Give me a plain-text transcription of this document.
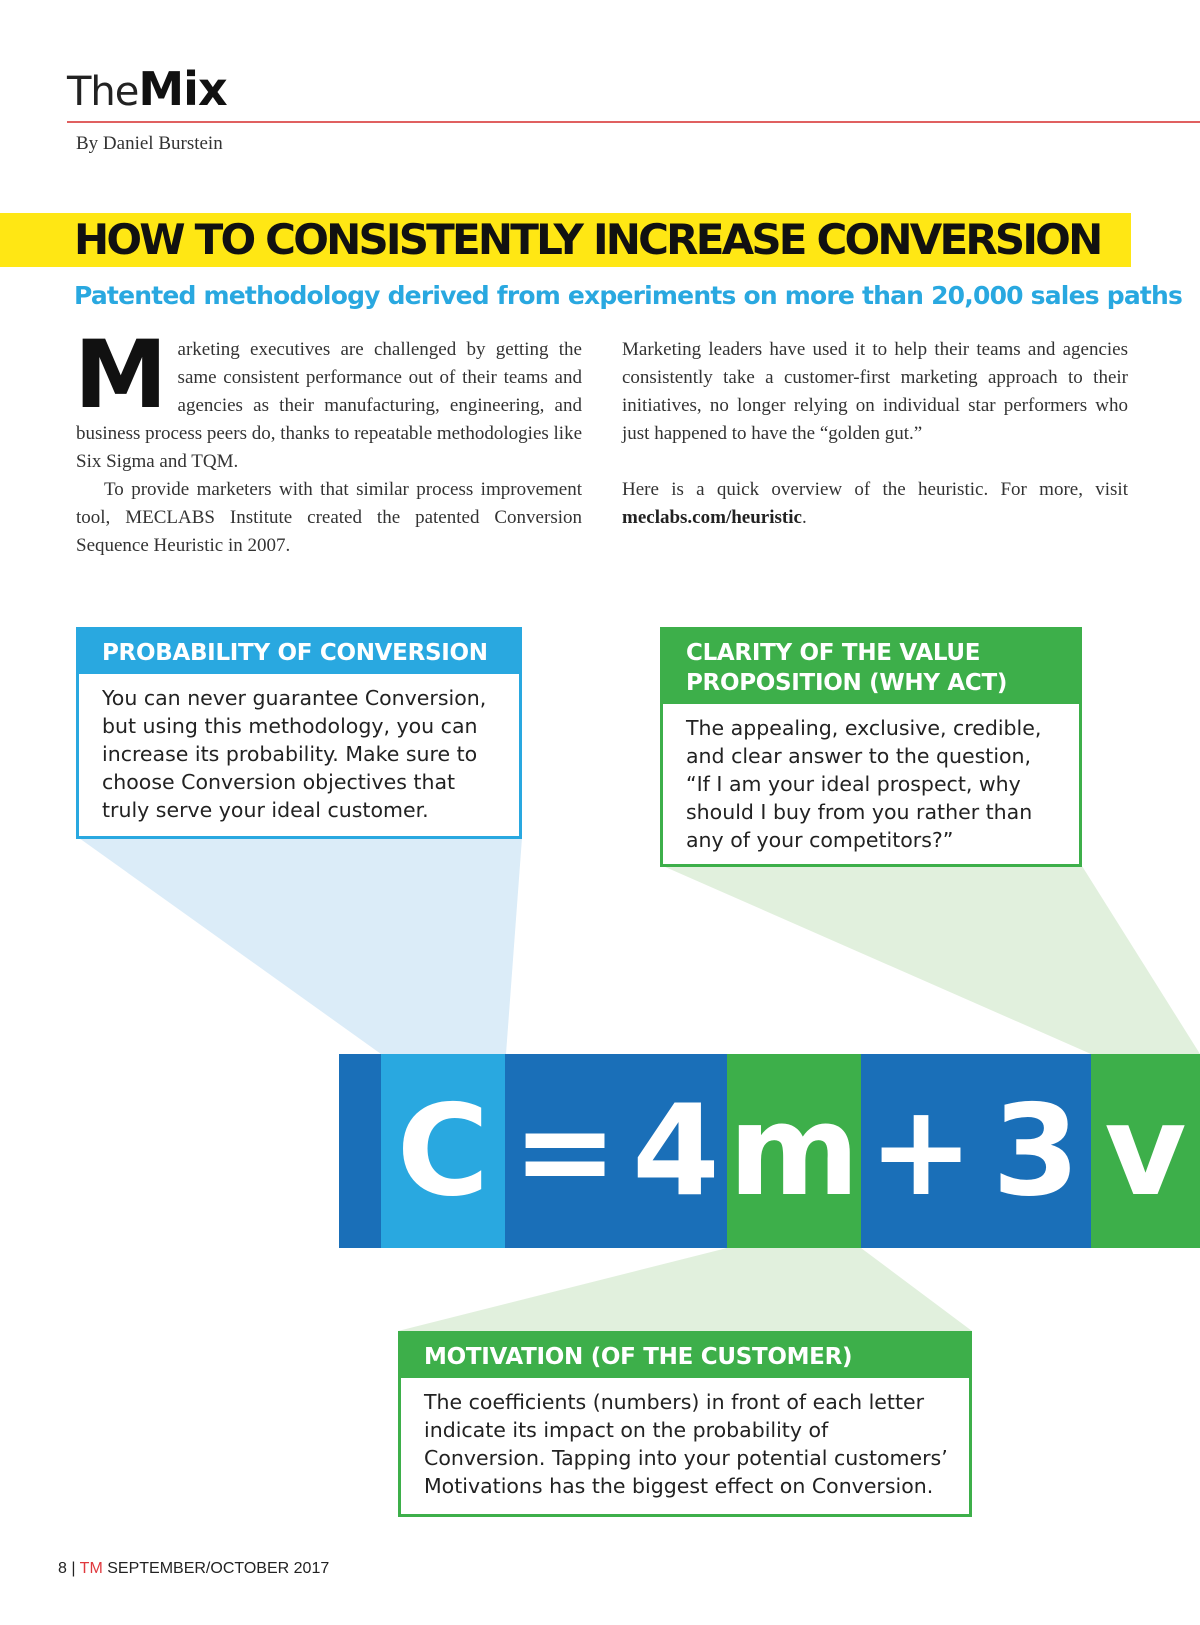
TheMix
By Daniel Burstein
HOW TO CONSISTENTLY INCREASE CONVERSION
Patented methodology derived from experiments on more than 20,000 sales paths
M arketing executives are challenged by getting the same consistent performance out of their teams and agencies as their manufacturing, engineering, and business process peers do, thanks to repeatable methodologies like Six Sigma and TQM.

To provide marketers with that similar process improvement tool, MECLABS Institute created the patented Conversion Sequence Heuristic in 2007.

Marketing leaders have used it to help their teams and agencies consistently take a customer-first marketing approach to their initiatives, no longer relying on individual star performers who just happened to have the “golden gut.”

Here is a quick overview of the heuristic. For more, visit meclabs.com/heuristic.

PROBABILITY OF CONVERSION
You can never guarantee Conversion, but using this methodology, you can increase its probability. Make sure to choose Conversion objectives that truly serve your ideal customer.
CLARITY OF THE VALUE PROPOSITION (WHY ACT)
The appealing, exclusive, credible, and clear answer to the question, “If I am your ideal prospect, why should I buy from you rather than any of your competitors?”
C = 4 m + 3 v
MOTIVATION (OF THE CUSTOMER)
The coefficients (numbers) in front of each letter indicate its impact on the probability of Conversion. Tapping into your potential customers’ Motivations has the biggest effect on Conversion.
8 | TM SEPTEMBER/OCTOBER 2017
